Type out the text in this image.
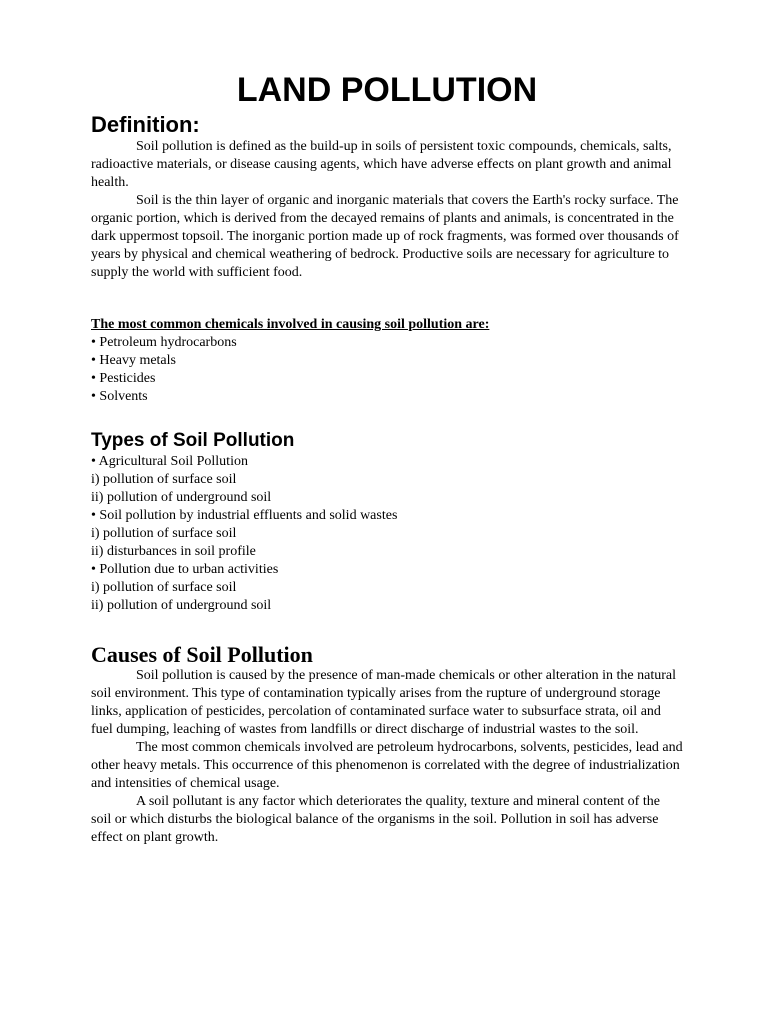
LAND POLLUTION
Definition:

Soil pollution is defined as the build-up in soils of persistent toxic compounds, chemicals, salts, radioactive materials, or disease causing agents, which have adverse effects on plant growth and animal health.

Soil is the thin layer of organic and inorganic materials that covers the Earth's rocky surface. The organic portion, which is derived from the decayed remains of plants and animals, is concentrated in the dark uppermost topsoil. The inorganic portion made up of rock fragments, was formed over thousands of years by physical and chemical weathering of bedrock. Productive soils are necessary for agriculture to supply the world with sufficient food.

The most common chemicals involved in causing soil pollution are:
• Petroleum hydrocarbons
• Heavy metals
• Pesticides
• Solvents
Types of Soil Pollution
• Agricultural Soil Pollution
i) pollution of surface soil
ii) pollution of underground soil
• Soil pollution by industrial effluents and solid wastes
i) pollution of surface soil
ii) disturbances in soil profile
• Pollution due to urban activities
i) pollution of surface soil
ii) pollution of underground soil
Causes of Soil Pollution

Soil pollution is caused by the presence of man-made chemicals or other alteration in the natural soil environment. This type of contamination typically arises from the rupture of underground storage links, application of pesticides, percolation of contaminated surface water to subsurface strata, oil and fuel dumping, leaching of wastes from landfills or direct discharge of industrial wastes to the soil.

The most common chemicals involved are petroleum hydrocarbons, solvents, pesticides, lead and other heavy metals. This occurrence of this phenomenon is correlated with the degree of industrialization and intensities of chemical usage.

A soil pollutant is any factor which deteriorates the quality, texture and mineral content of the soil or which disturbs the biological balance of the organisms in the soil. Pollution in soil has adverse effect on plant growth.
